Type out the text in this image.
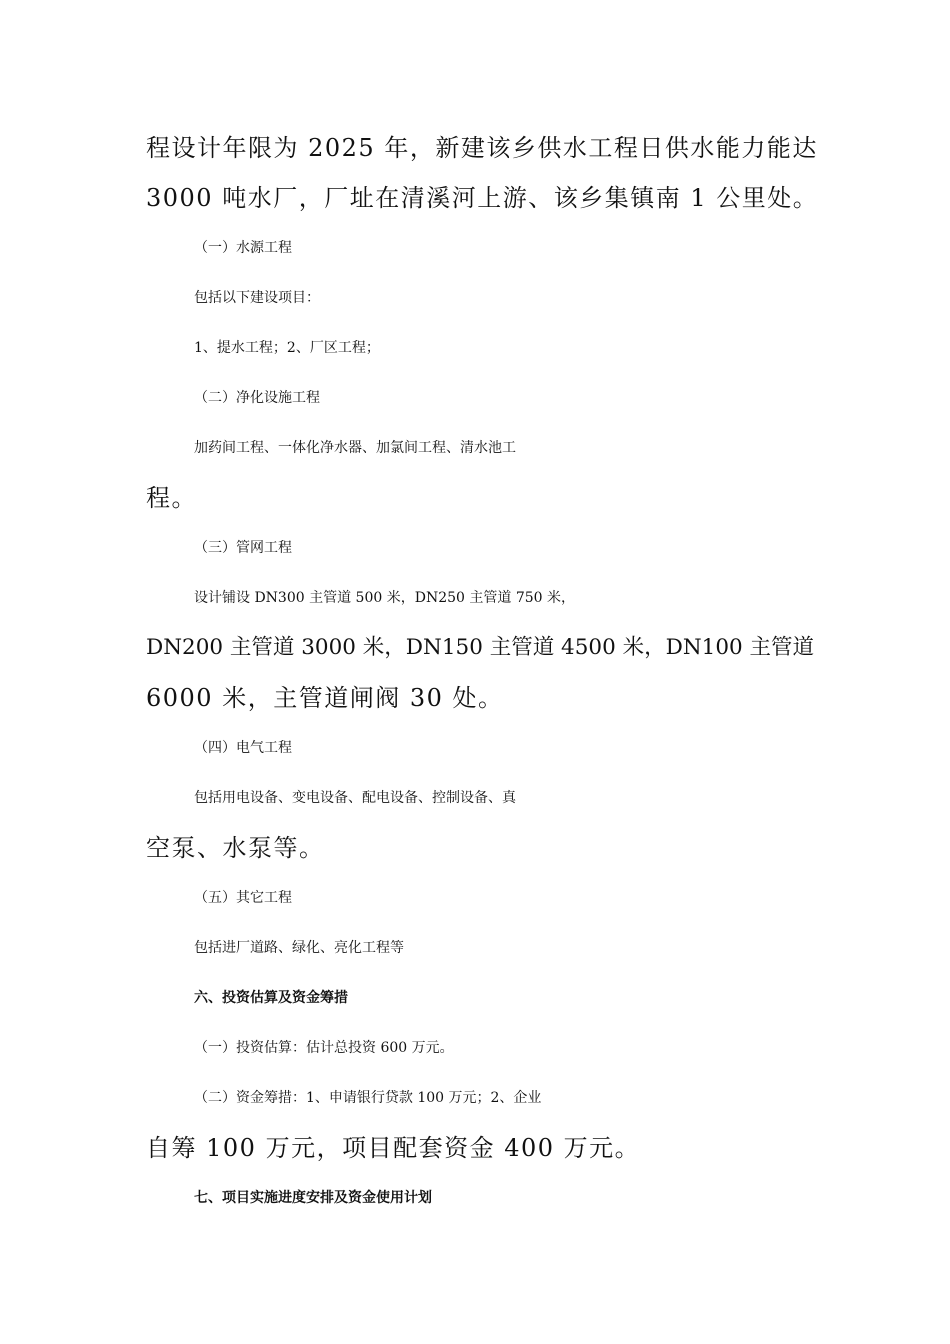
程设计年限为 2025 年，新建该乡供水工程日供水能力能达
3000 吨水厂，厂址在清溪河上游、该乡集镇南 1 公里处。
（一）水源工程
包括以下建设项目：
1、提水工程；2、厂区工程；
（二）净化设施工程
加药间工程、一体化净水器、加氯间工程、清水池工
程。
（三）管网工程
设计铺设 DN300 主管道 500 米，DN250 主管道 750 米，
DN200 主管道 3000 米，DN150 主管道 4500 米，DN100 主管道
6000 米，主管道闸阀 30 处。
（四）电气工程
包括用电设备、变电设备、配电设备、控制设备、真
空泵、水泵等。
（五）其它工程
包括进厂道路、绿化、亮化工程等
六、投资估算及资金筹措
（一）投资估算：估计总投资 600 万元。
（二）资金筹措：1、申请银行贷款 100 万元；2、企业
自筹 100 万元，项目配套资金 400 万元。
七、项目实施进度安排及资金使用计划
